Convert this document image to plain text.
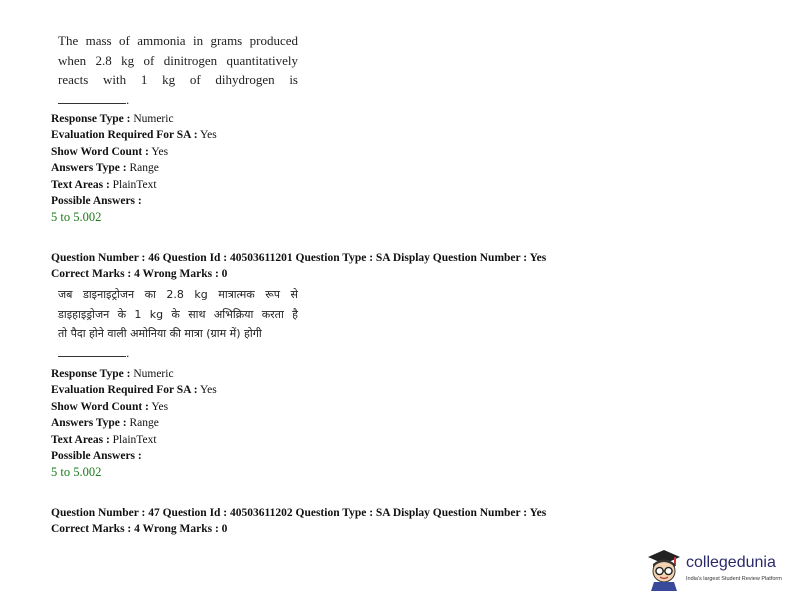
The mass of ammonia in grams produced
when 2.8 kg of dinitrogen quantitatively
reacts with 1 kg of dihydrogen is
.
Response Type : Numeric
Evaluation Required For SA : Yes
Show Word Count : Yes
Answers Type : Range
Text Areas : PlainText
Possible Answers :
5 to 5.002
Question Number : 46 Question Id : 40503611201 Question Type : SA Display Question Number : Yes
Correct Marks : 4 Wrong Marks : 0
जब डाइनाइट्रोजन का 2.8 kg मात्रात्मक रूप से
डाइहाइड्रोजन के 1 kg के साथ अभिक्रिया करता है
तो पैदा होने वाली अमोनिया की मात्रा (ग्राम में) होगी
.
Response Type : Numeric
Evaluation Required For SA : Yes
Show Word Count : Yes
Answers Type : Range
Text Areas : PlainText
Possible Answers :
5 to 5.002
Question Number : 47 Question Id : 40503611202 Question Type : SA Display Question Number : Yes
Correct Marks : 4 Wrong Marks : 0
collegedunia
India's largest Student Review Platform
